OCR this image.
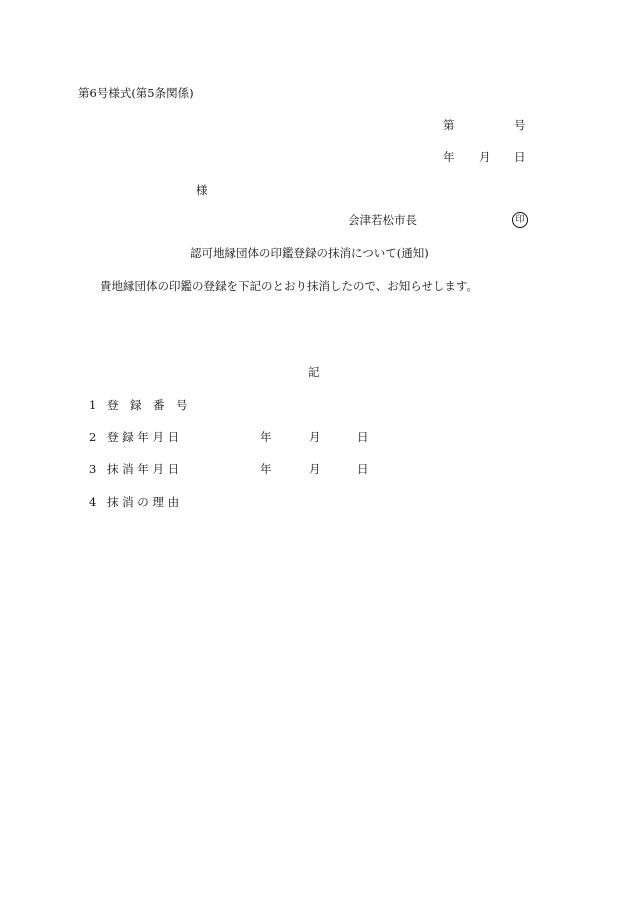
第6号様式(第5条関係)
第	号
年 月 日
様
会津若松市長	印
認可地縁団体の印鑑登録の抹消について(通知)
貴地縁団体の印鑑の登録を下記のとおり抹消したので、お知らせします。
記
1 登　録　番　号
2 登 録 年 月 日	年	月	日
3 抹 消 年 月 日	年	月	日
4 抹 消 の 理 由
